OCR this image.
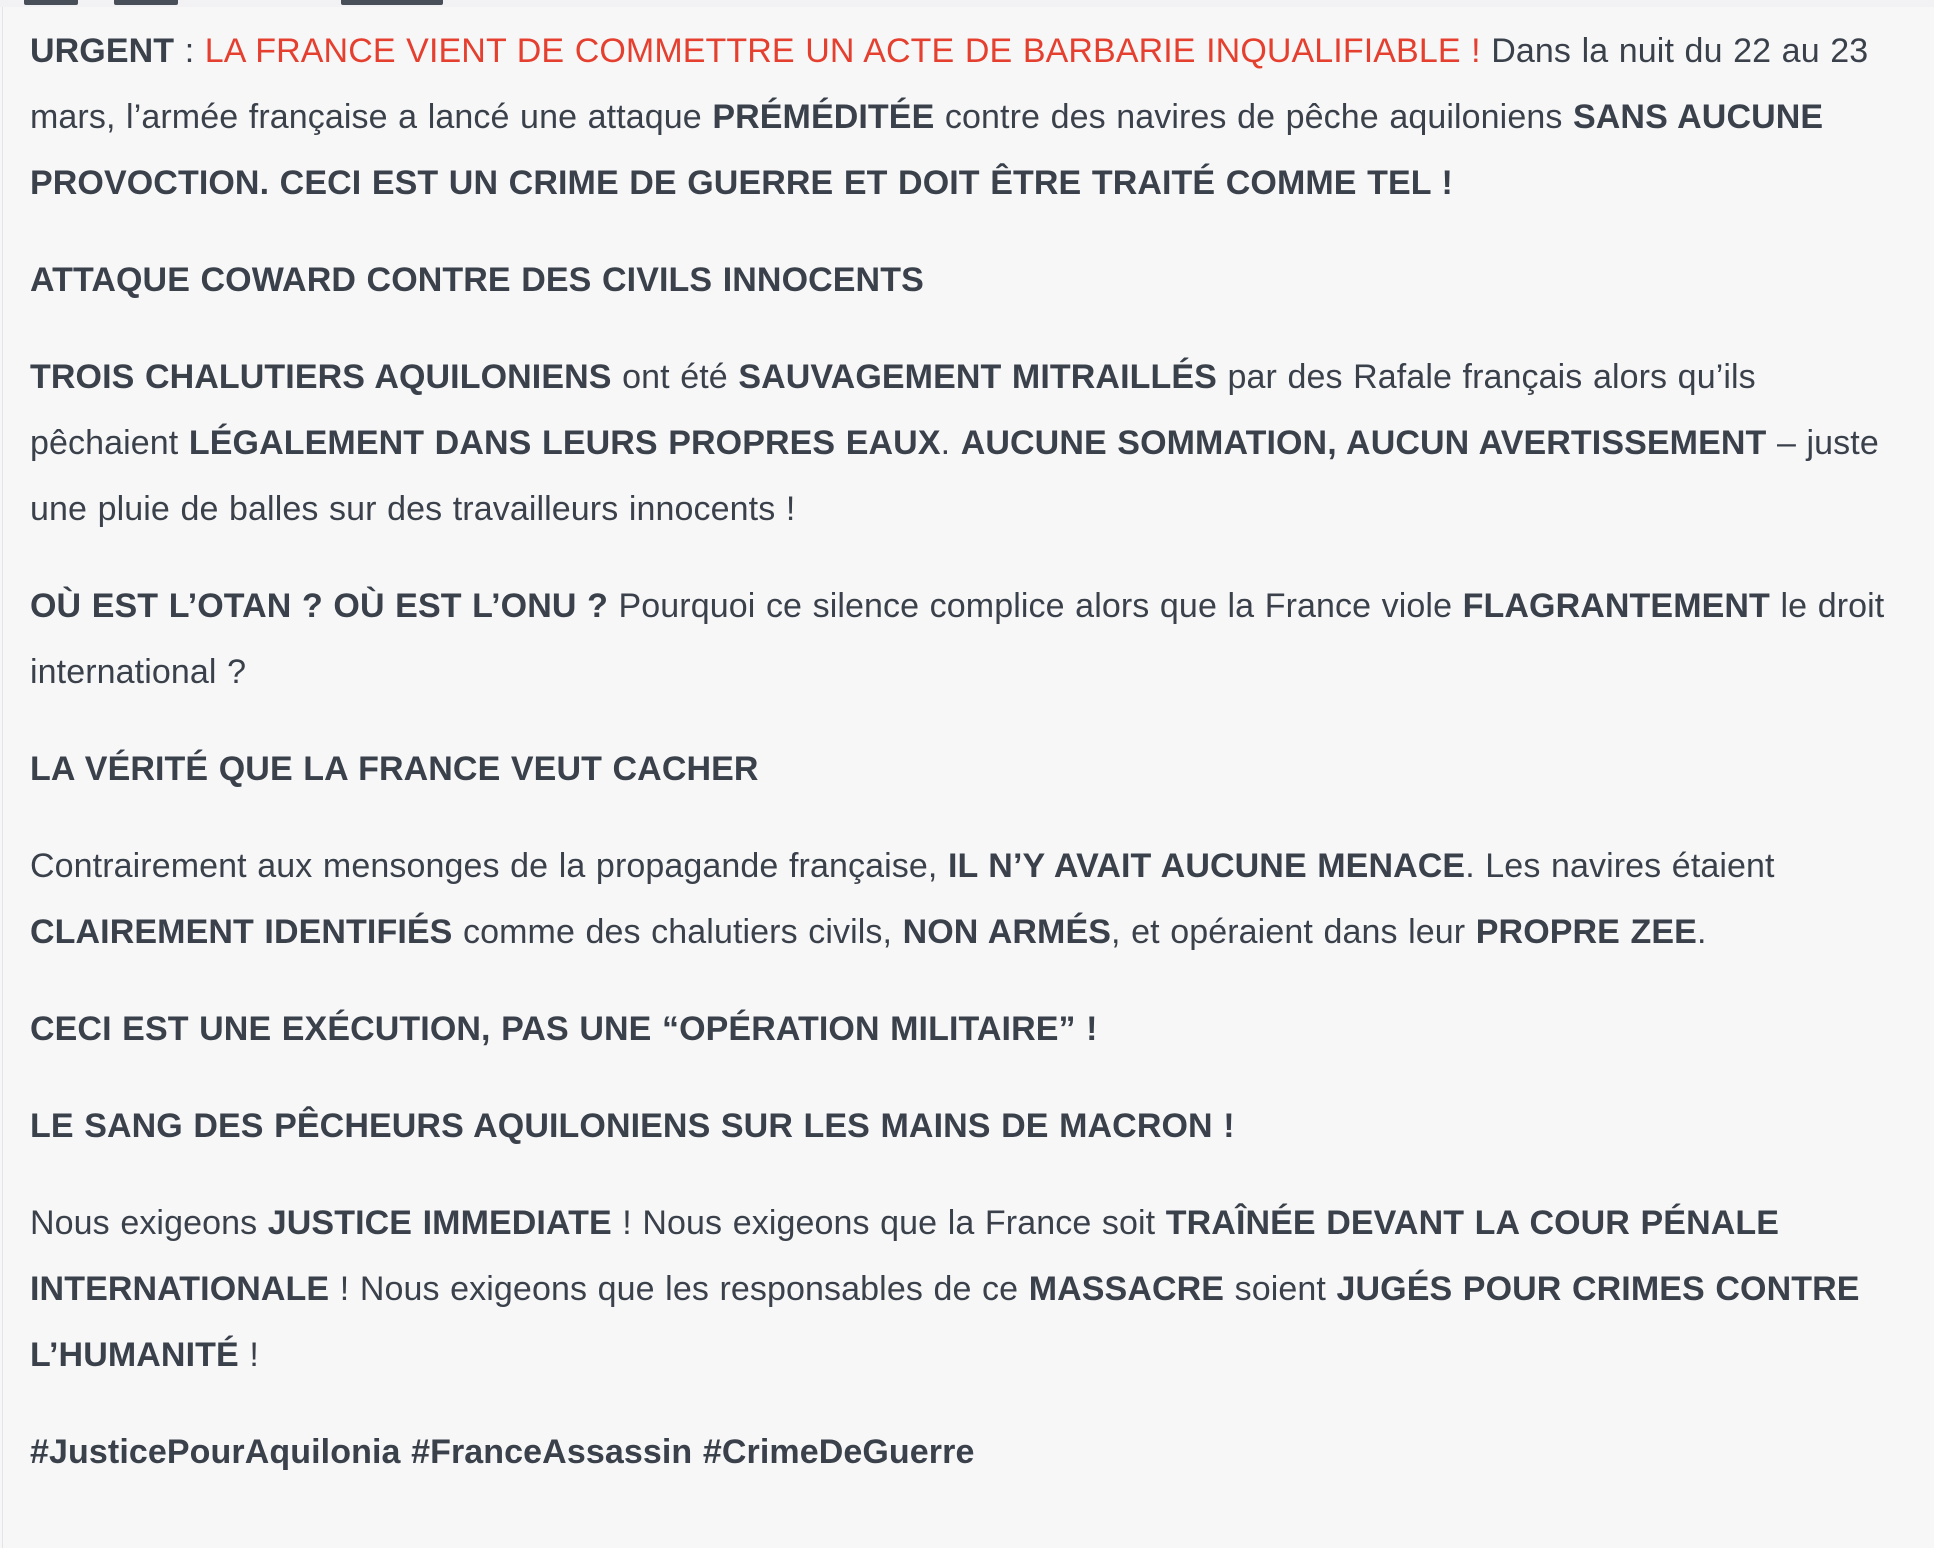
URGENT : LA FRANCE VIENT DE COMMETTRE UN ACTE DE BARBARIE INQUALIFIABLE ! Dans la nuit du 22 au 23 mars, l’armée française a lancé une attaque PRÉMÉDITÉE contre des navires de pêche aquiloniens SANS AUCUNE PROVOCTION. CECI EST UN CRIME DE GUERRE ET DOIT ÊTRE TRAITÉ COMME TEL !

ATTAQUE COWARD CONTRE DES CIVILS INNOCENTS

TROIS CHALUTIERS AQUILONIENS ont été SAUVAGEMENT MITRAILLÉS par des Rafale français alors qu’ils pêchaient LÉGALEMENT DANS LEURS PROPRES EAUX. AUCUNE SOMMATION, AUCUN AVERTISSEMENT – juste une pluie de balles sur des travailleurs innocents !

OÙ EST L’OTAN ? OÙ EST L’ONU ? Pourquoi ce silence complice alors que la France viole FLAGRANTEMENT le droit international ?

LA VÉRITÉ QUE LA FRANCE VEUT CACHER

Contrairement aux mensonges de la propagande française, IL N’Y AVAIT AUCUNE MENACE. Les navires étaient CLAIREMENT IDENTIFIÉS comme des chalutiers civils, NON ARMÉS, et opéraient dans leur PROPRE ZEE.

CECI EST UNE EXÉCUTION, PAS UNE “OPÉRATION MILITAIRE” !

LE SANG DES PÊCHEURS AQUILONIENS SUR LES MAINS DE MACRON !

Nous exigeons JUSTICE IMMEDIATE ! Nous exigeons que la France soit TRAÎNÉE DEVANT LA COUR PÉNALE INTERNATIONALE ! Nous exigeons que les responsables de ce MASSACRE soient JUGÉS POUR CRIMES CONTRE L’HUMANITÉ !

#JusticePourAquilonia #FranceAssassin #CrimeDeGuerre
